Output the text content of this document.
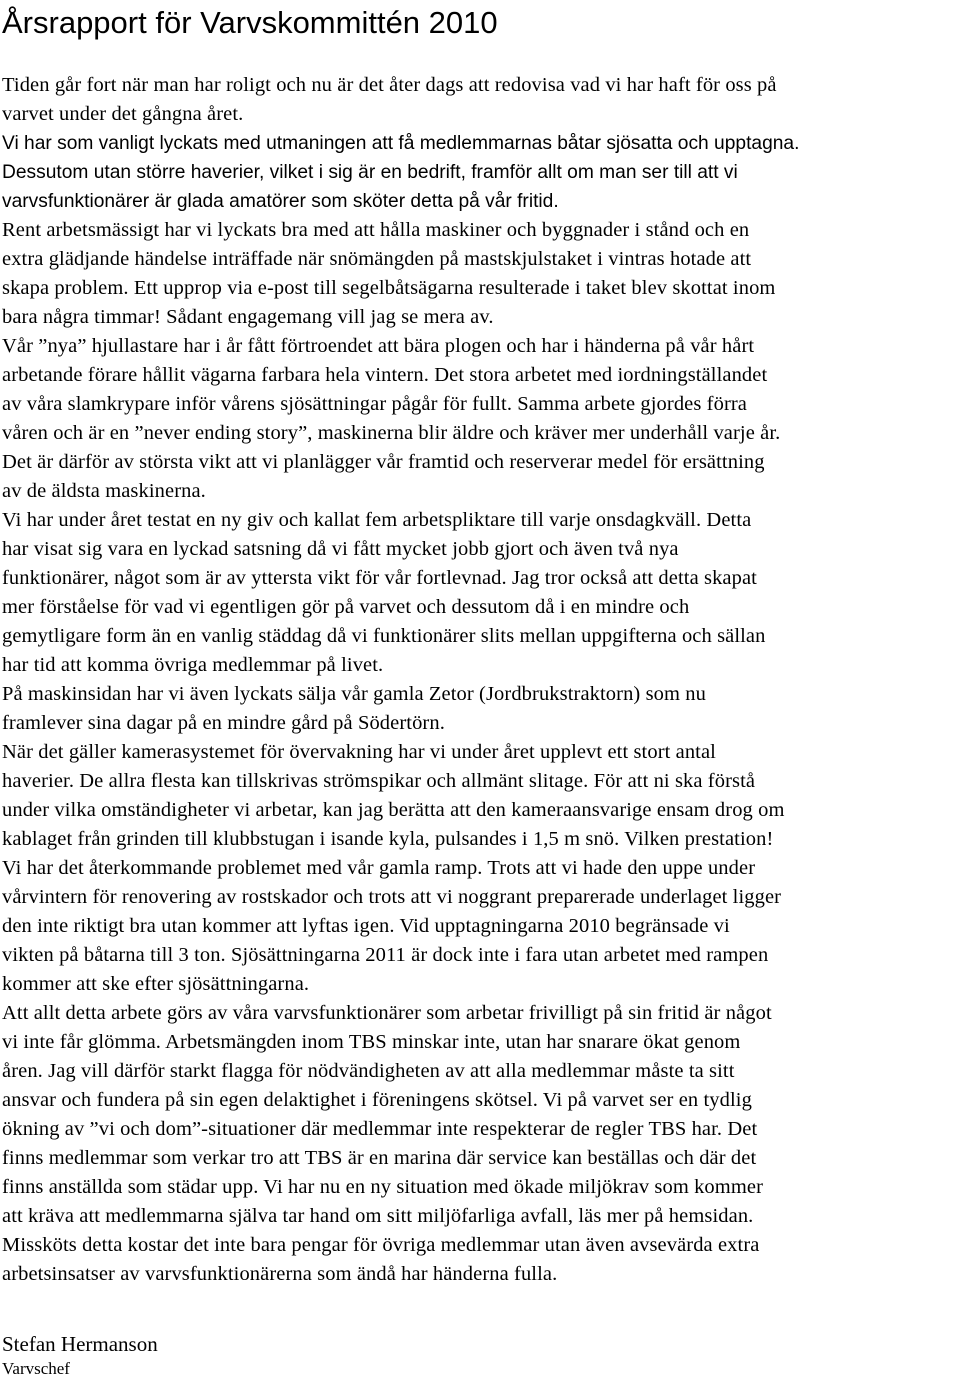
Årsrapport för Varvskommittén 2010
Tiden går fort när man har roligt och nu är det åter dags att redovisa vad vi har haft för oss på
varvet under det gångna året.
Vi har som vanligt lyckats med utmaningen att få medlemmarnas båtar sjösatta och upptagna.
Dessutom utan större haverier, vilket i sig är en bedrift, framför allt om man ser till att vi
varvsfunktionärer är glada amatörer som sköter detta på vår fritid.
Rent arbetsmässigt har vi lyckats bra med att hålla maskiner och byggnader i stånd och en
extra glädjande händelse inträffade när snömängden på mastskjulstaket i vintras hotade att
skapa problem. Ett upprop via e-post till segelbåtsägarna resulterade i taket blev skottat inom
bara några timmar! Sådant engagemang vill jag se mera av.
Vår ”nya” hjullastare har i år fått förtroendet att bära plogen och har i händerna på vår hårt
arbetande förare hållit vägarna farbara hela vintern. Det stora arbetet med iordningställandet
av våra slamkrypare inför vårens sjösättningar pågår för fullt. Samma arbete gjordes förra
våren och är en ”never ending story”, maskinerna blir äldre och kräver mer underhåll varje år.
Det är därför av största vikt att vi planlägger vår framtid och reserverar medel för ersättning
av de äldsta maskinerna.
Vi har under året testat en ny giv och kallat fem arbetspliktare till varje onsdagkväll. Detta
har visat sig vara en lyckad satsning då vi fått mycket jobb gjort och även två nya
funktionärer, något som är av yttersta vikt för vår fortlevnad. Jag tror också att detta skapat
mer förståelse för vad vi egentligen gör på varvet och dessutom då i en mindre och
gemytligare form än en vanlig städdag då vi funktionärer slits mellan uppgifterna och sällan
har tid att komma övriga medlemmar på livet.
På maskinsidan har vi även lyckats sälja vår gamla Zetor (Jordbrukstraktorn) som nu
framlever sina dagar på en mindre gård på Södertörn.
När det gäller kamerasystemet för övervakning har vi under året upplevt ett stort antal
haverier. De allra flesta kan tillskrivas strömspikar och allmänt slitage. För att ni ska förstå
under vilka omständigheter vi arbetar, kan jag berätta att den kameraansvarige ensam drog om
kablaget från grinden till klubbstugan i isande kyla, pulsandes i 1,5 m snö. Vilken prestation!
Vi har det återkommande problemet med vår gamla ramp. Trots att vi hade den uppe under
vårvintern för renovering av rostskador och trots att vi noggrant preparerade underlaget ligger
den inte riktigt bra utan kommer att lyftas igen. Vid upptagningarna 2010 begränsade vi
vikten på båtarna till 3 ton. Sjösättningarna 2011 är dock inte i fara utan arbetet med rampen
kommer att ske efter sjösättningarna.
Att allt detta arbete görs av våra varvsfunktionärer som arbetar frivilligt på sin fritid är något
vi inte får glömma. Arbetsmängden inom TBS minskar inte, utan har snarare ökat genom
åren. Jag vill därför starkt flagga för nödvändigheten av att alla medlemmar måste ta sitt
ansvar och fundera på sin egen delaktighet i föreningens skötsel. Vi på varvet ser en tydlig
ökning av ”vi och dom”-situationer där medlemmar inte respekterar de regler TBS har. Det
finns medlemmar som verkar tro att TBS är en marina där service kan beställas och där det
finns anställda som städar upp. Vi har nu en ny situation med ökade miljökrav som kommer
att kräva att medlemmarna själva tar hand om sitt miljöfarliga avfall, läs mer på hemsidan.
Missköts detta kostar det inte bara pengar för övriga medlemmar utan även avsevärda extra
arbetsinsatser av varvsfunktionärerna som ändå har händerna fulla.
Stefan Hermanson
Varvschef
